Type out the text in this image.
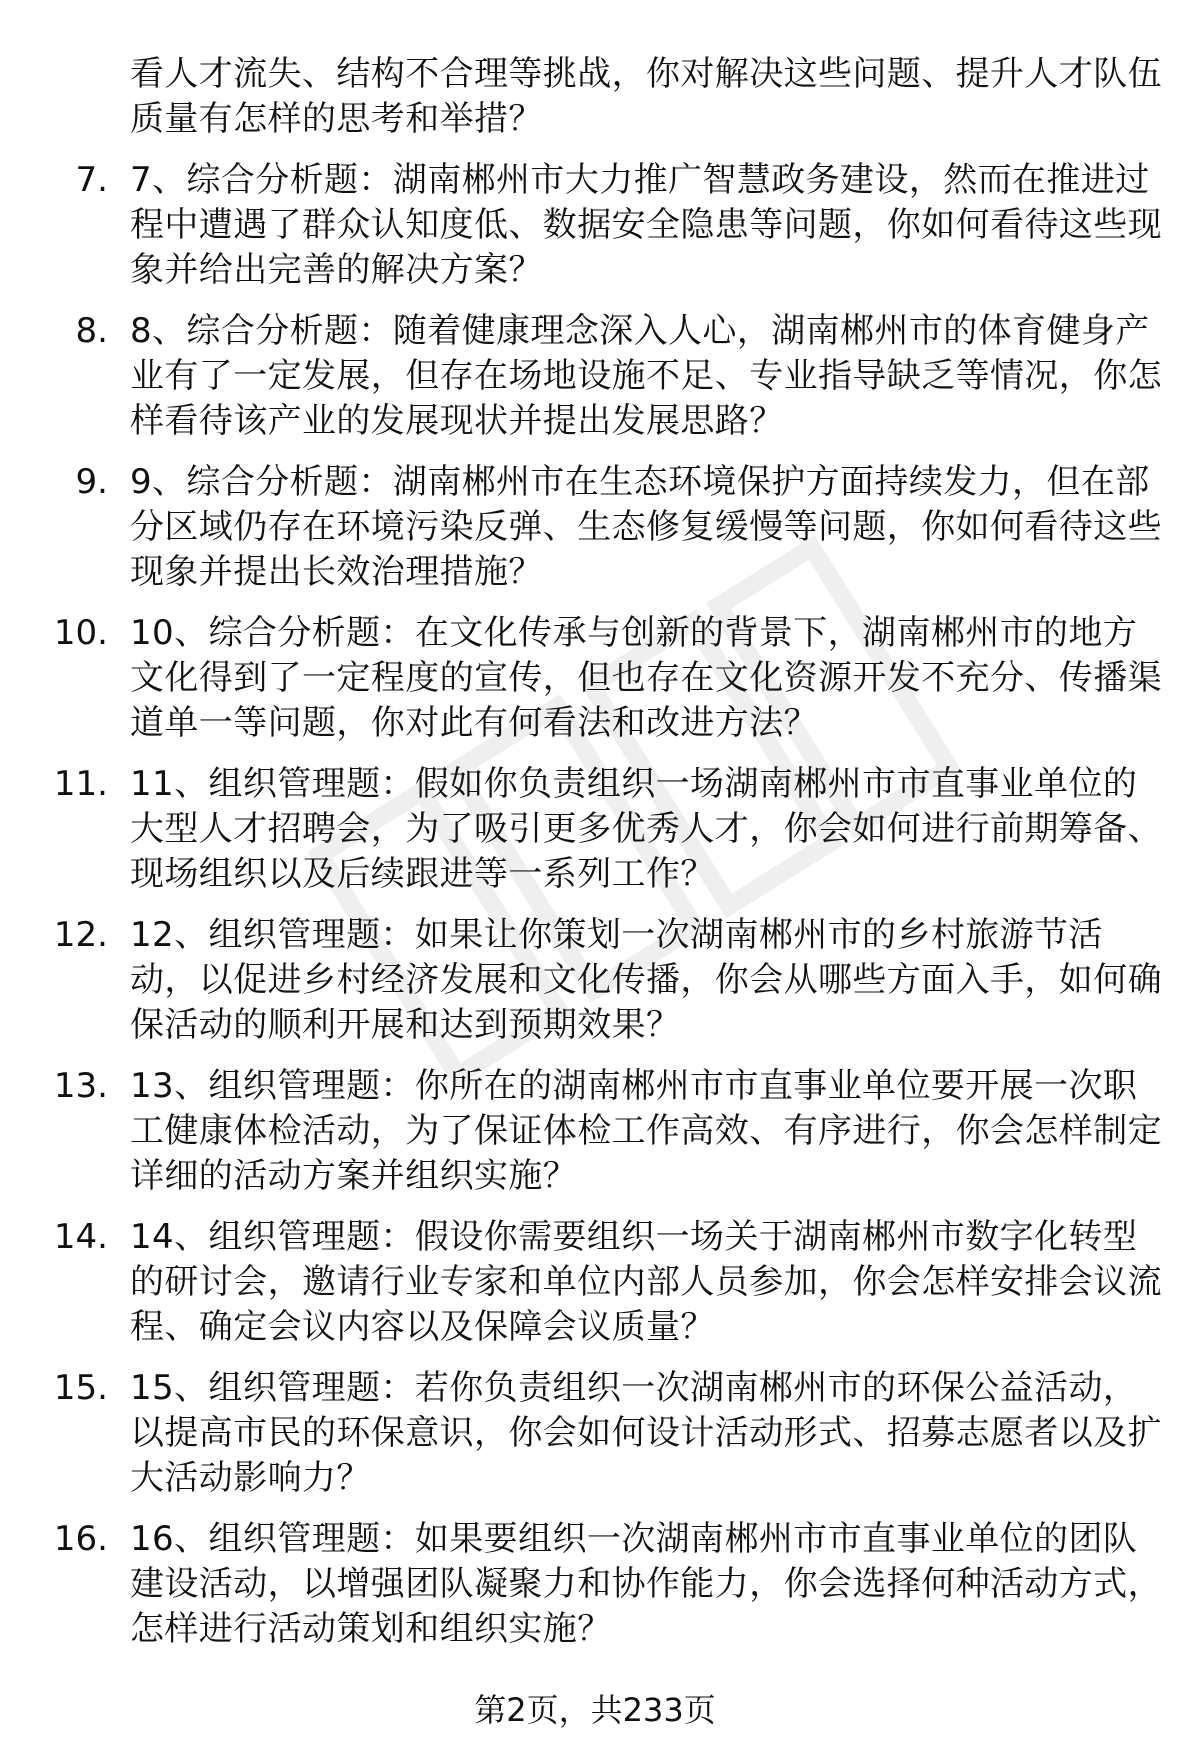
看人才流失、结构不合理等挑战，你对解决这些问题、提升人才队伍质量有怎样的思考和举措？

7. 7、综合分析题：湖南郴州市大力推广智慧政务建设，然而在推进过程中遭遇了群众认知度低、数据安全隐患等问题，你如何看待这些现象并给出完善的解决方案？
8. 8、综合分析题：随着健康理念深入人心，湖南郴州市的体育健身产业有了一定发展，但存在场地设施不足、专业指导缺乏等情况，你怎样看待该产业的发展现状并提出发展思路？
9. 9、综合分析题：湖南郴州市在生态环境保护方面持续发力，但在部分区域仍存在环境污染反弹、生态修复缓慢等问题，你如何看待这些现象并提出长效治理措施？
10. 10、综合分析题：在文化传承与创新的背景下，湖南郴州市的地方文化得到了一定程度的宣传，但也存在文化资源开发不充分、传播渠道单一等问题，你对此有何看法和改进方法？
11. 11、组织管理题：假如你负责组织一场湖南郴州市市直事业单位的大型人才招聘会，为了吸引更多优秀人才，你会如何进行前期筹备、现场组织以及后续跟进等一系列工作？
12. 12、组织管理题：如果让你策划一次湖南郴州市的乡村旅游节活动，以促进乡村经济发展和文化传播，你会从哪些方面入手，如何确保活动的顺利开展和达到预期效果？
13. 13、组织管理题：你所在的湖南郴州市市直事业单位要开展一次职工健康体检活动，为了保证体检工作高效、有序进行，你会怎样制定详细的活动方案并组织实施？
14. 14、组织管理题：假设你需要组织一场关于湖南郴州市数字化转型的研讨会，邀请行业专家和单位内部人员参加，你会怎样安排会议流程、确定会议内容以及保障会议质量？
15. 15、组织管理题：若你负责组织一次湖南郴州市的环保公益活动，以提高市民的环保意识，你会如何设计活动形式、招募志愿者以及扩大活动影响力？
16. 16、组织管理题：如果要组织一次湖南郴州市市直事业单位的团队建设活动，以增强团队凝聚力和协作能力，你会选择何种活动方式，怎样进行活动策划和组织实施？
第2页，共233页
